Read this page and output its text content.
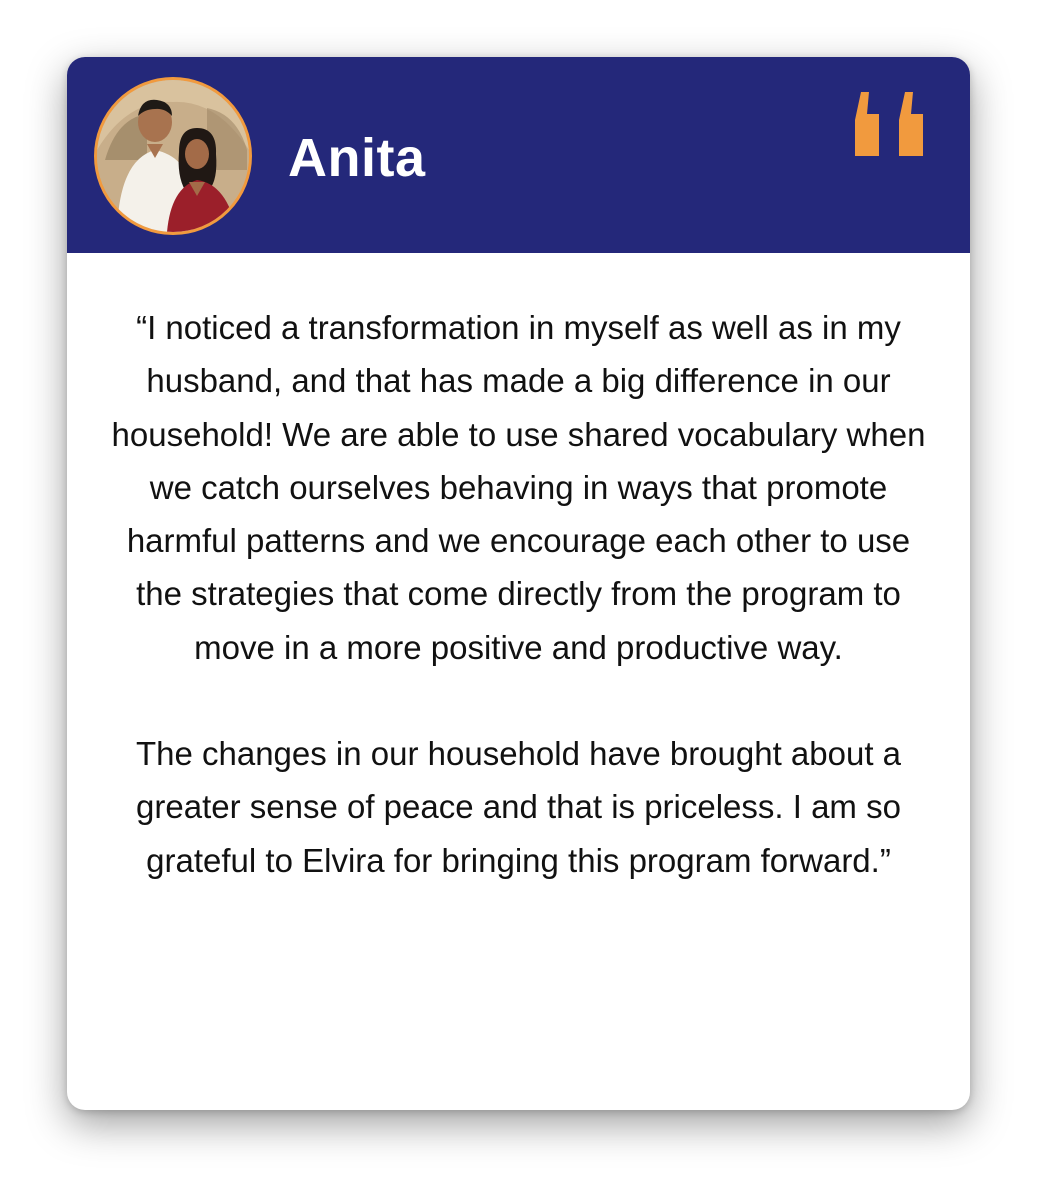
Anita

“I noticed a transformation in myself as well as in my husband, and that has made a big difference in our household! We are able to use shared vocabulary when we catch ourselves behaving in ways that promote harmful patterns and we encourage each other to use the strategies that come directly from the program to move in a more positive and productive way.

The changes in our household have brought about a greater sense of peace and that is priceless. I am so grateful to Elvira for bringing this program forward.”
